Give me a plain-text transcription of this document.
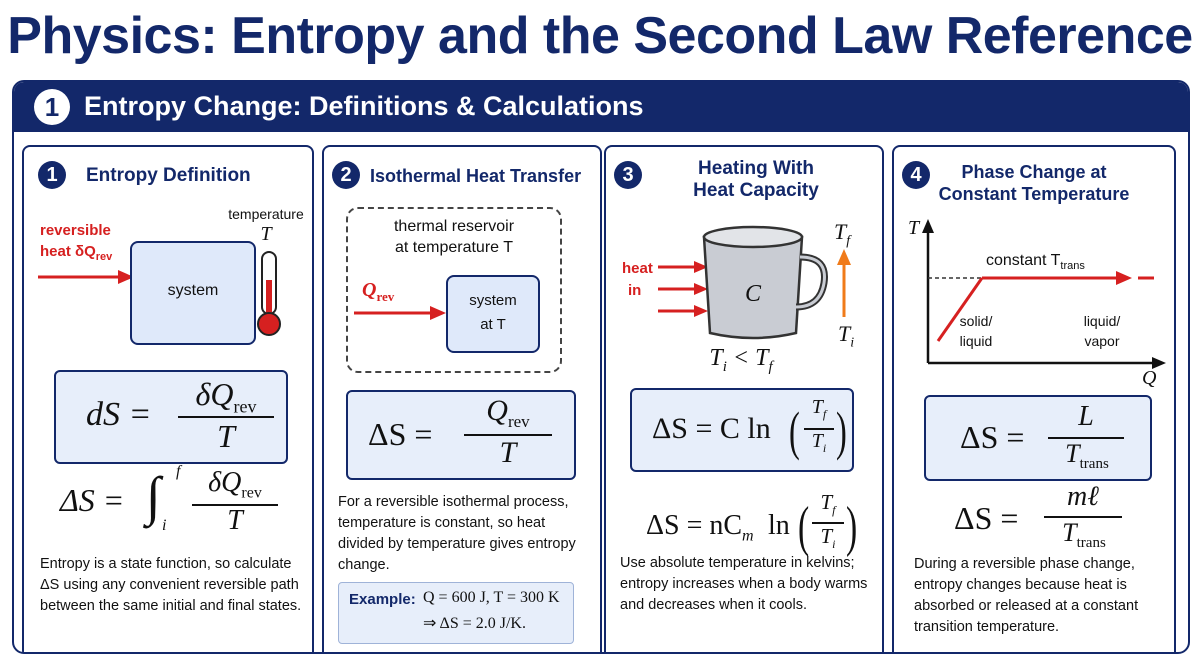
Physics: Entropy and the Second Law Reference
1 Entropy Change: Definitions & Calculations
1	Entropy Definition
reversible
heat $\delta Q_{rev}$
system
temperature
T
dS =
$\delta Q_{rev}$
T
ΔS = ∫ f
i
$\delta Q_{rev}$
T
Entropy is a state function, so calculate ΔS using any convenient reversible path between the same initial and final states.
2	Isothermal Heat Transfer
thermal reservoir
at temperature T
$Q_{rev}$	system
at T
ΔS =
$Q_{rev}$
T
For a reversible isothermal process, temperature is constant, so heat divided by temperature gives entropy change.
Example: Q = 600 J, T = 300 K
⇒ ΔS = 2.0 J/K.
3	Heating With
Heat Capacity
heat
in	C
$T_f$
$T_i$
$T_i < T_f$
ΔS = C ln ( $T_f$
$T_i$ )
$\Delta S = nC_m$ ln ( $T_f$
$T_i$ )
Use absolute temperature in kelvins; entropy increases when a body warms and decreases when it cools.
4	Phase Change at
Constant Temperature
T
Q
constant $T_{trans}$
solid/
liquid
liquid/
vapor
ΔS =
L
$T_{trans}$
ΔS =
mℓ
$T_{trans}$
During a reversible phase change, entropy changes because heat is absorbed or released at a constant transition temperature.
